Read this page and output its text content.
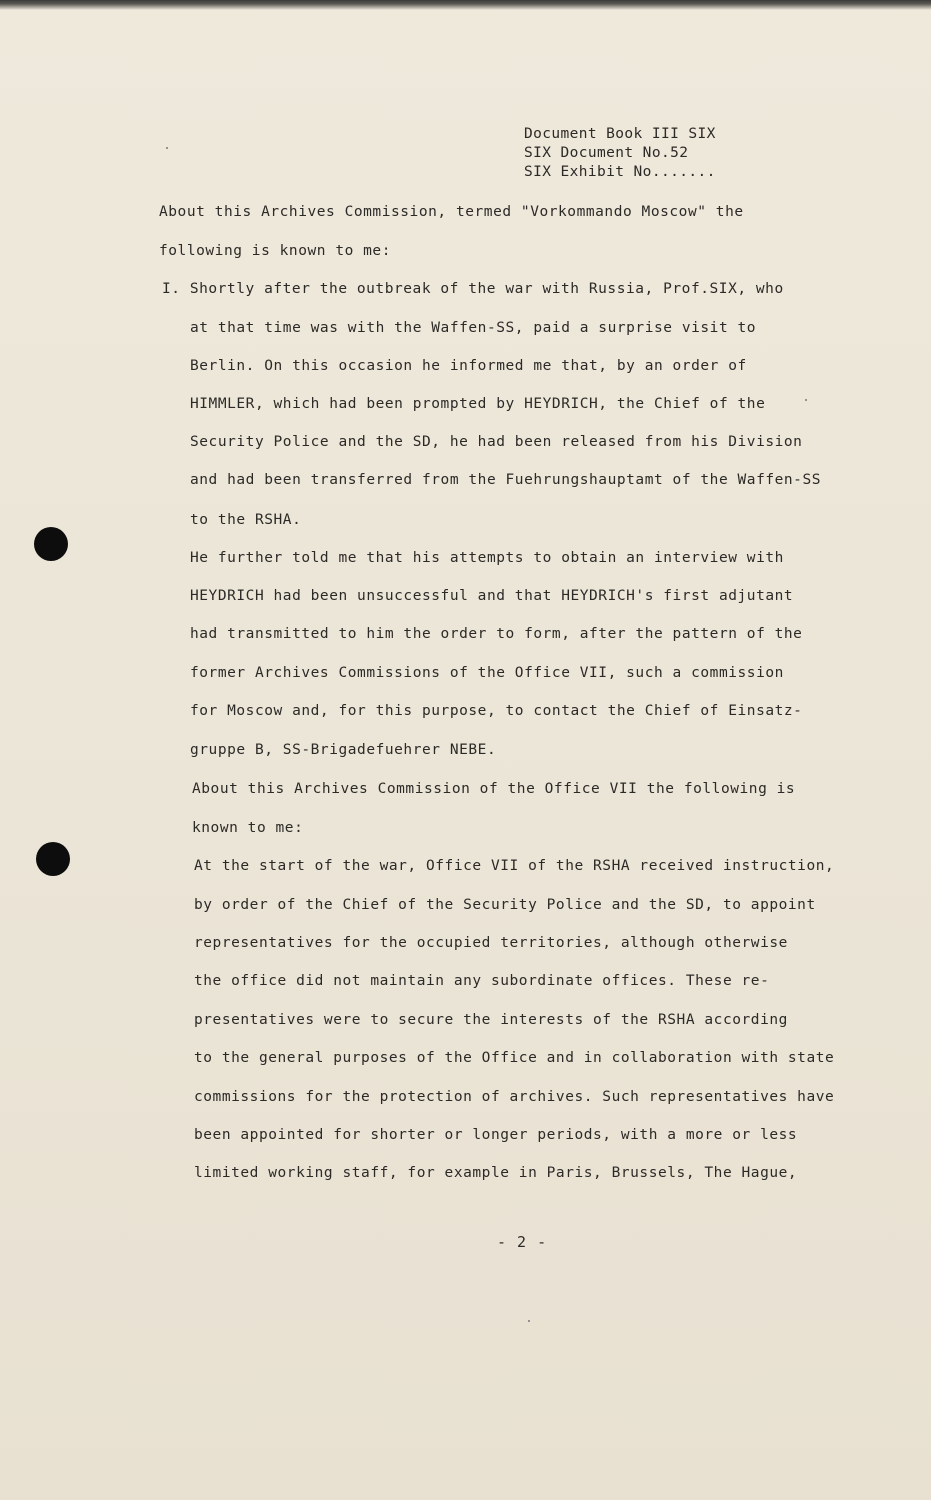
Document Book III SIX
SIX Document No.52
SIX Exhibit No.......
About this Archives Commission, termed "Vorkommando Moscow" the
following is known to me:
I. Shortly after the outbreak of the war with Russia, Prof.SIX, who
at that time was with the Waffen-SS, paid a surprise visit to
Berlin. On this occasion he informed me that, by an order of
HIMMLER, which had been prompted by HEYDRICH, the Chief of the
Security Police and the SD, he had been released from his Division
and had been transferred from the Fuehrungshauptamt of the Waffen-SS
to the RSHA.
He further told me that his attempts to obtain an interview with
HEYDRICH had been unsuccessful and that HEYDRICH's first adjutant
had transmitted to him the order to form, after the pattern of the
former Archives Commissions of the Office VII, such a commission
for Moscow and, for this purpose, to contact the Chief of Einsatz-
gruppe B, SS-Brigadefuehrer NEBE.
About this Archives Commission of the Office VII the following is
known to me:
At the start of the war, Office VII of the RSHA received instruction,
by order of the Chief of the Security Police and the SD, to appoint
representatives for the occupied territories, although otherwise
the office did not maintain any subordinate offices. These re-
presentatives were to secure the interests of the RSHA according
to the general purposes of the Office and in collaboration with state
commissions for the protection of archives. Such representatives have
been appointed for shorter or longer periods, with a more or less
limited working staff, for example in Paris, Brussels, The Hague,
- 2 -
